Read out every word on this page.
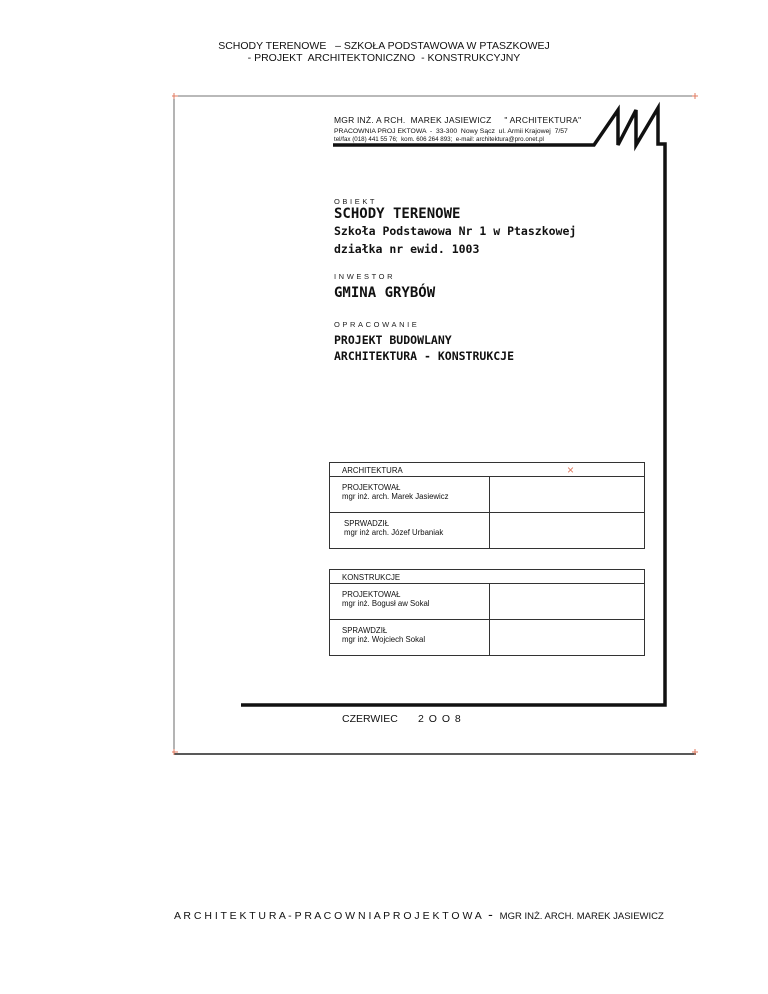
SCHODY TERENOWE   – SZKOŁA PODSTAWOWA W PTASZKOWEJ
- PROJEKT  ARCHITEKTONICZNO  - KONSTRUKCYJNY
MGR INŻ. A RCH.  MAREK JASIEWICZ     " ARCHITEKTURA"
PRACOWNIA PROJ EKTOWA  -  33-300  Nowy Sącz  ul. Armii Krajowej  7/57
tel/fax (018) 441 55 76;  kom. 606 264 893;  e-mail: architektura@pro.onet.pl
OBIEKT
SCHODY TERENOWE
Szkoła Podstawowa Nr 1 w Ptaszkowej
działka nr ewid. 1003
INWESTOR
GMINA GRYBÓW
OPRACOWANIE
PROJEKT BUDOWLANY
ARCHITEKTURA - KONSTRUKCJE
ARCHITEKTURA ×	

PROJEKTOWAŁ
mgr inż. arch. Marek Jasiewicz	

SPRWADZIŁ
mgr inż arch. Józef Urbaniak	

KONSTRUKCJE	

PROJEKTOWAŁ
mgr inż. Bogusł aw Sokal	

SPRAWDZIŁ
mgr inż. Wojciech Sokal	

CZERWIEC 2 O O 8
A R C H I T E K T U R A - P R A C O W N I A P R O J E K T O W A - MGR INŻ. ARCH. MAREK JASIEWICZ
